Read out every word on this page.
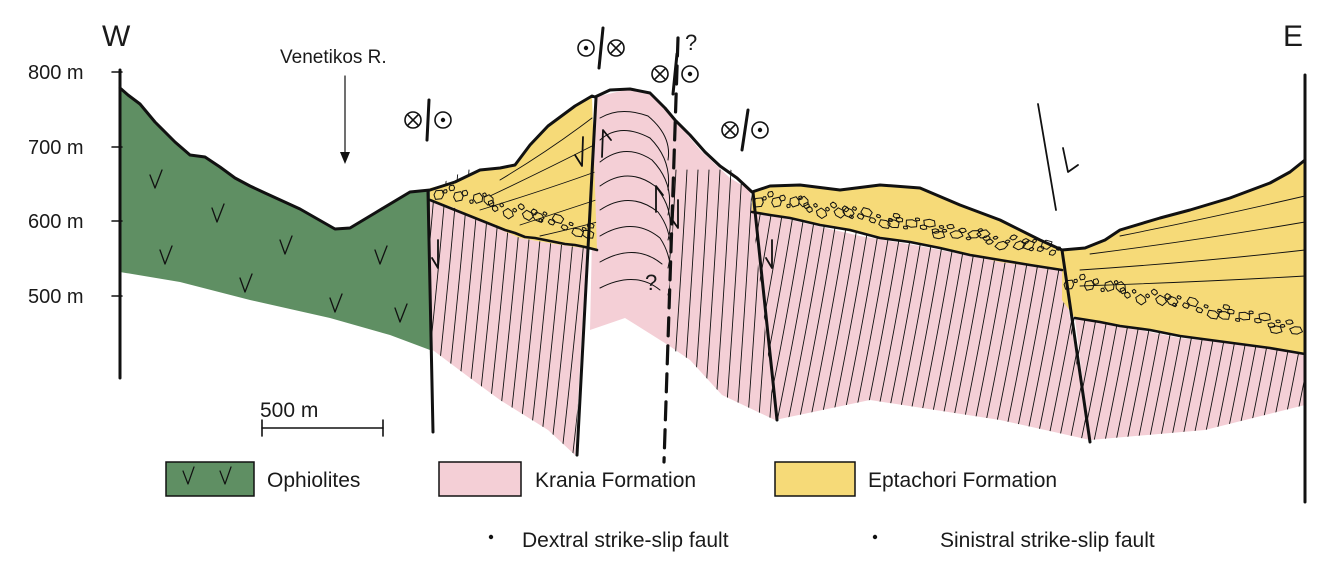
W	E
800 m
700 m
600 m
500 m
Venetikos R.
?
?
500 m
Ophiolites	Krania Formation	Eptachori Formation
Dextral strike-slip fault	Sinistral strike-slip fault
